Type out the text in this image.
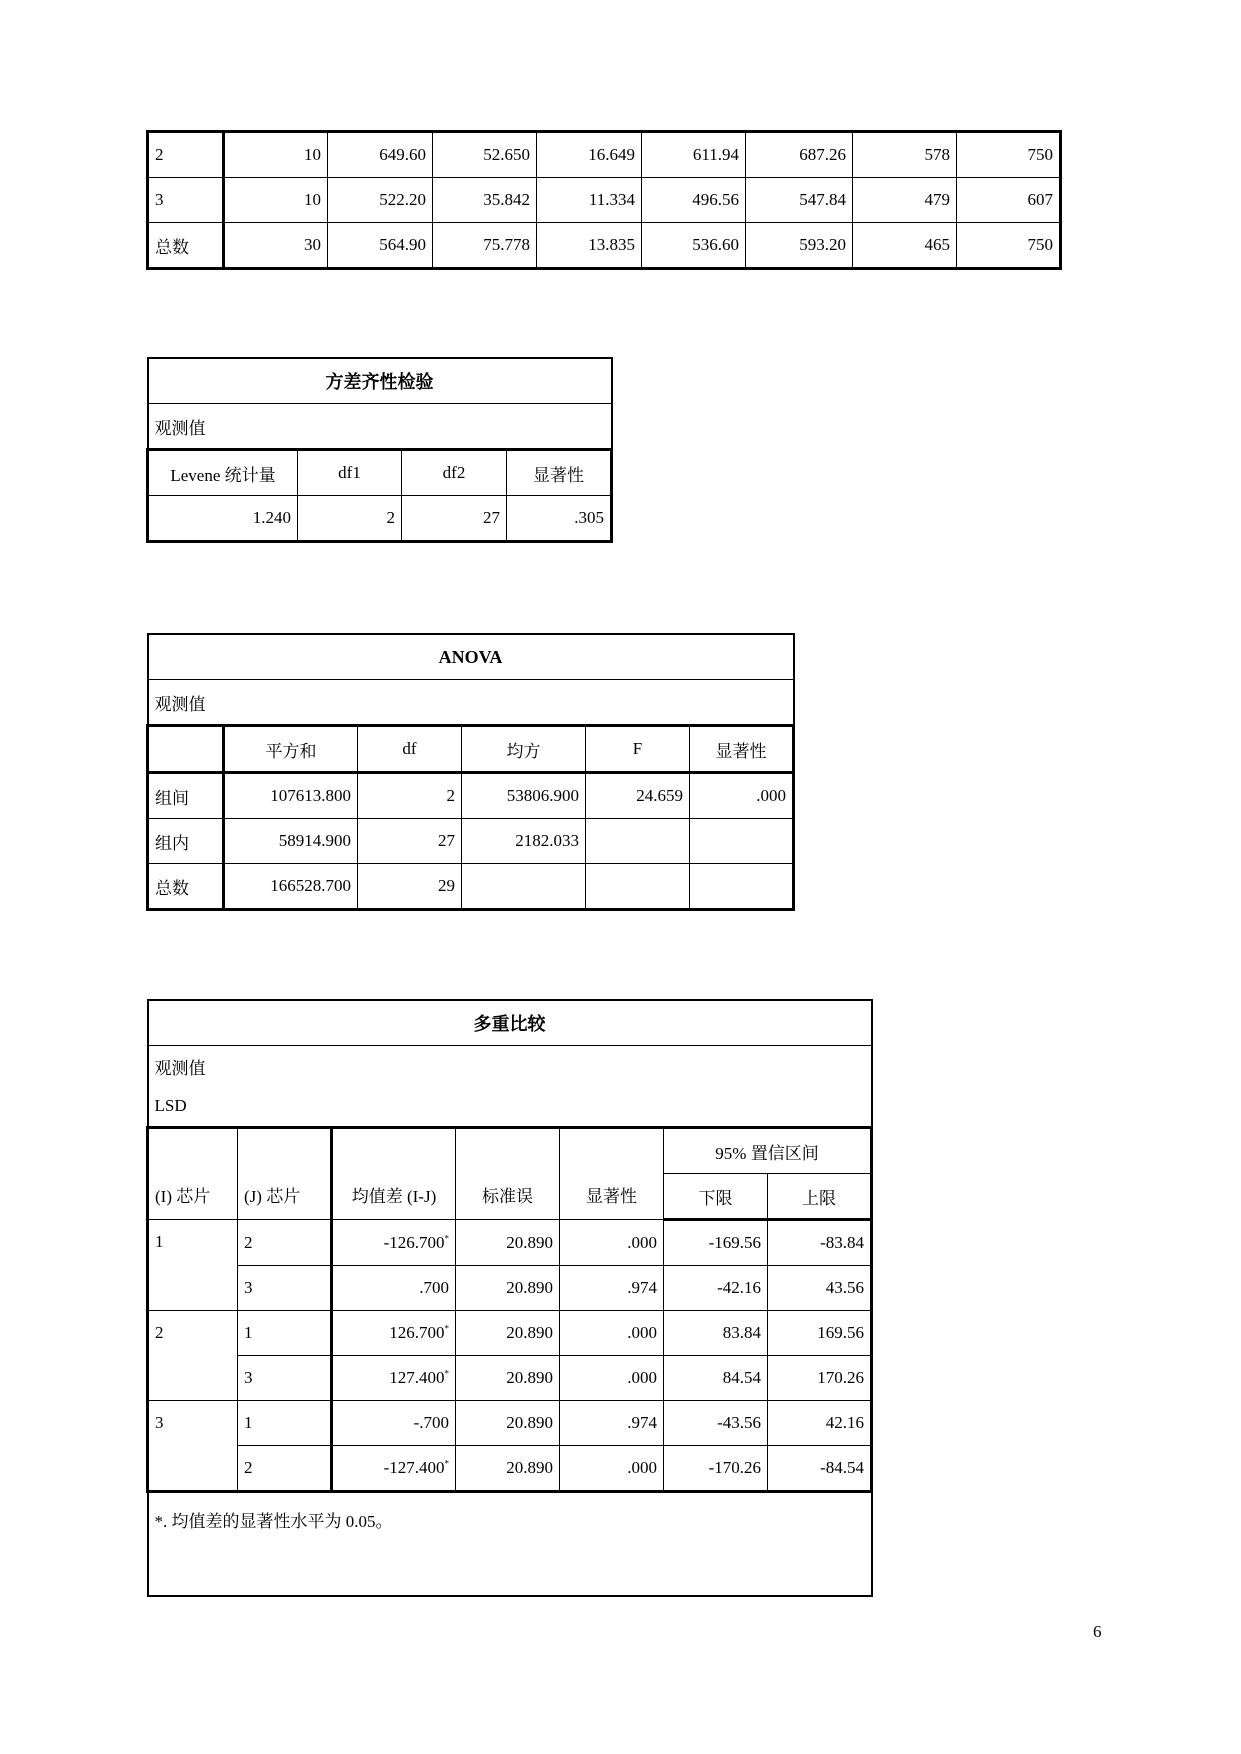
2	10	649.60	52.650	16.649	611.94	687.26	578	750
3	10	522.20	35.842	11.334	496.56	547.84	479	607
总数	30	564.90	75.778	13.835	536.60	593.20	465	750
方差齐性检验			
观测值			
Levene 统计量	df1	df2	显著性
1.240	2	27	.305
ANOVA					
观测值					
	平方和	df	均方	F	显著性
组间	107613.800	2	53806.900	24.659	.000
组内	58914.900	27	2182.033		
总数	166528.700	29			
多重比较						
观测值						
LSD						
(I) 芯片	(J) 芯片	均值差 (I-J)	标准误	显著性	95% 置信区间	
					下限	上限
1	2	-126.700*	20.890	.000	-169.56	-83.84
	3	.700	20.890	.974	-42.16	43.56
2	1	126.700*	20.890	.000	83.84	169.56
	3	127.400*	20.890	.000	84.54	170.26
3	1	-.700	20.890	.974	-43.56	42.16
	2	-127.400*	20.890	.000	-170.26	-84.54
*. 均值差的显著性水平为 0.05。						
6
